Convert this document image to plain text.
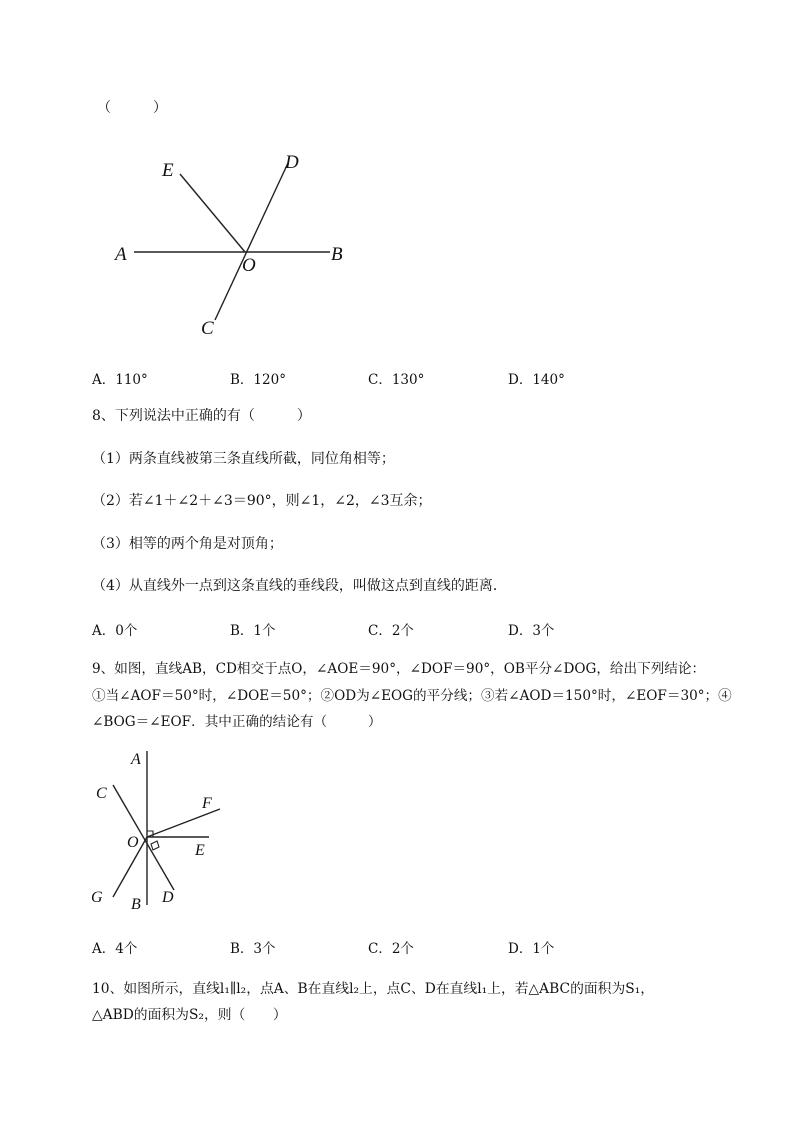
（　　　）
E	D
A
O
B
C
A．110°	B．120°	C．130°	D．140°
8、下列说法中正确的有（　　　）
（1）两条直线被第三条直线所截，同位角相等；
（2）若∠1＋∠2＋∠3＝90°，则∠1，∠2，∠3互余；
（3）相等的两个角是对顶角；
（4）从直线外一点到这条直线的垂线段，叫做这点到直线的距离．
A．0个	B．1个	C．2个	D．3个
9、如图，直线AB，CD相交于点O，∠AOE＝90°，∠DOF＝90°，OB平分∠DOG，给出下列结论：
①当∠AOF＝50°时，∠DOE＝50°；②OD为∠EOG的平分线；③若∠AOD＝150°时，∠EOF＝30°；④
∠BOG＝∠EOF．其中正确的结论有（　　　）
A
C
F
O	E
G B D
A．4个	B．3个	C．2个	D．1个
10、如图所示，直线l₁∥l₂，点A、B在直线l₂上，点C、D在直线l₁上，若△ABC的面积为S₁，
△ABD的面积为S₂，则（　　）
